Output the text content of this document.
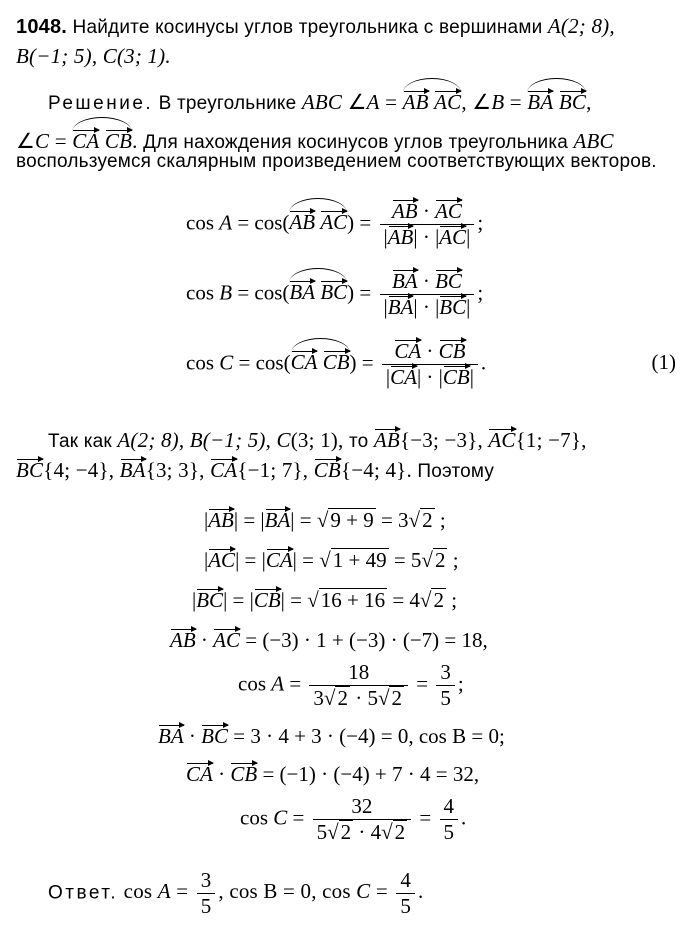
1048. Найдите косинусы углов треугольника с вершинами A(2; 8),
B(−1; 5), C(3; 1).
Решение. В треугольнике ABC ∠A = AB AC, ∠B = BA BC,
∠C = CA CB. Для нахождения косинусов углов треугольника ABC
воспользуемся скалярным произведением соответствующих векторов.
cos A = cos(AB $AC) = \frac{AB \cdot AC}{|AB| \cdot |AC|}$ ;
cos B = cos(BA $BC) = \frac{BA \cdot BC}{|BA| \cdot |BC|}$ ;
cos C = cos(CA $CB) = \frac{CA \cdot CB}{|CA| \cdot |CB|}$ .	(1)
Так как A(2; 8), B(−1; 5), C(3; 1), то AB{−3; −3}, AC{1; −7},
BC{4; −4}, BA{3; 3}, CA{−1; 7}, CB{−4; 4}. Поэтому
|AB| = |BA| = √9 + 9 = 3√2 ;
|AC| = |CA| = √1 + 49 = 5√2 ;
|BC| = |CB| = √16 + 16 = 4√2 ;
AB · AC = (−3) · 1 + (−3) · (−7) = 18,
$\cos A = \frac{18}{3√2 \cdot 5√2} = \frac{3}{5}$ ;
BA · BC = 3 · 4 + 3 · (−4) = 0, cos B = 0;
CA · CB = (−1) · (−4) + 7 · 4 = 32,
$\cos C = \frac{32}{5√2 \cdot 4√2} = \frac{4}{5}$ .
Ответ. $\cos A = \frac{3}{5}$ , cos B = 0, $\cos C = \frac{4}{5}$ .
